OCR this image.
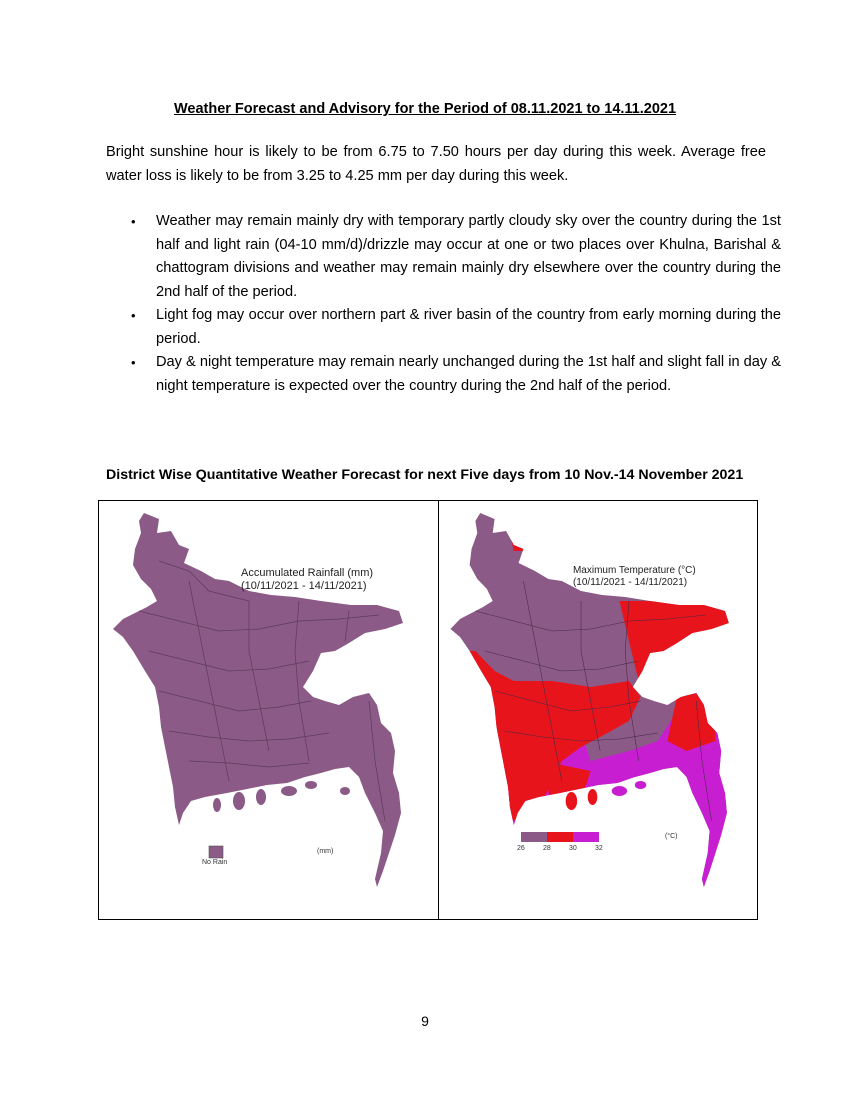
Weather Forecast and Advisory for the Period of 08.11.2021 to 14.11.2021
Bright sunshine hour is likely to be from 6.75 to 7.50 hours per day during this week. Average free water loss is likely to be from 3.25 to 4.25 mm per day during this week.
• Weather may remain mainly dry with temporary partly cloudy sky over the country during the 1st half and light rain (04-10 mm/d)/drizzle may occur at one or two places over Khulna, Barishal & chattogram divisions and weather may remain mainly dry elsewhere over the country during the 2nd half of the period.
• Light fog may occur over northern part & river basin of the country from early morning during the period.
• Day & night temperature may remain nearly unchanged during the 1st half and slight fall in day & night temperature is expected over the country during the 2nd half of the period.
District Wise Quantitative Weather Forecast for next Five days from 10 Nov.-14 November 2021
Accumulated Rainfall (mm)
(10/11/2021 - 14/11/2021)
No Rain
(mm)
Maximum Temperature (°C)
(10/11/2021 - 14/11/2021)
26	28	30	32
(°C)
9
